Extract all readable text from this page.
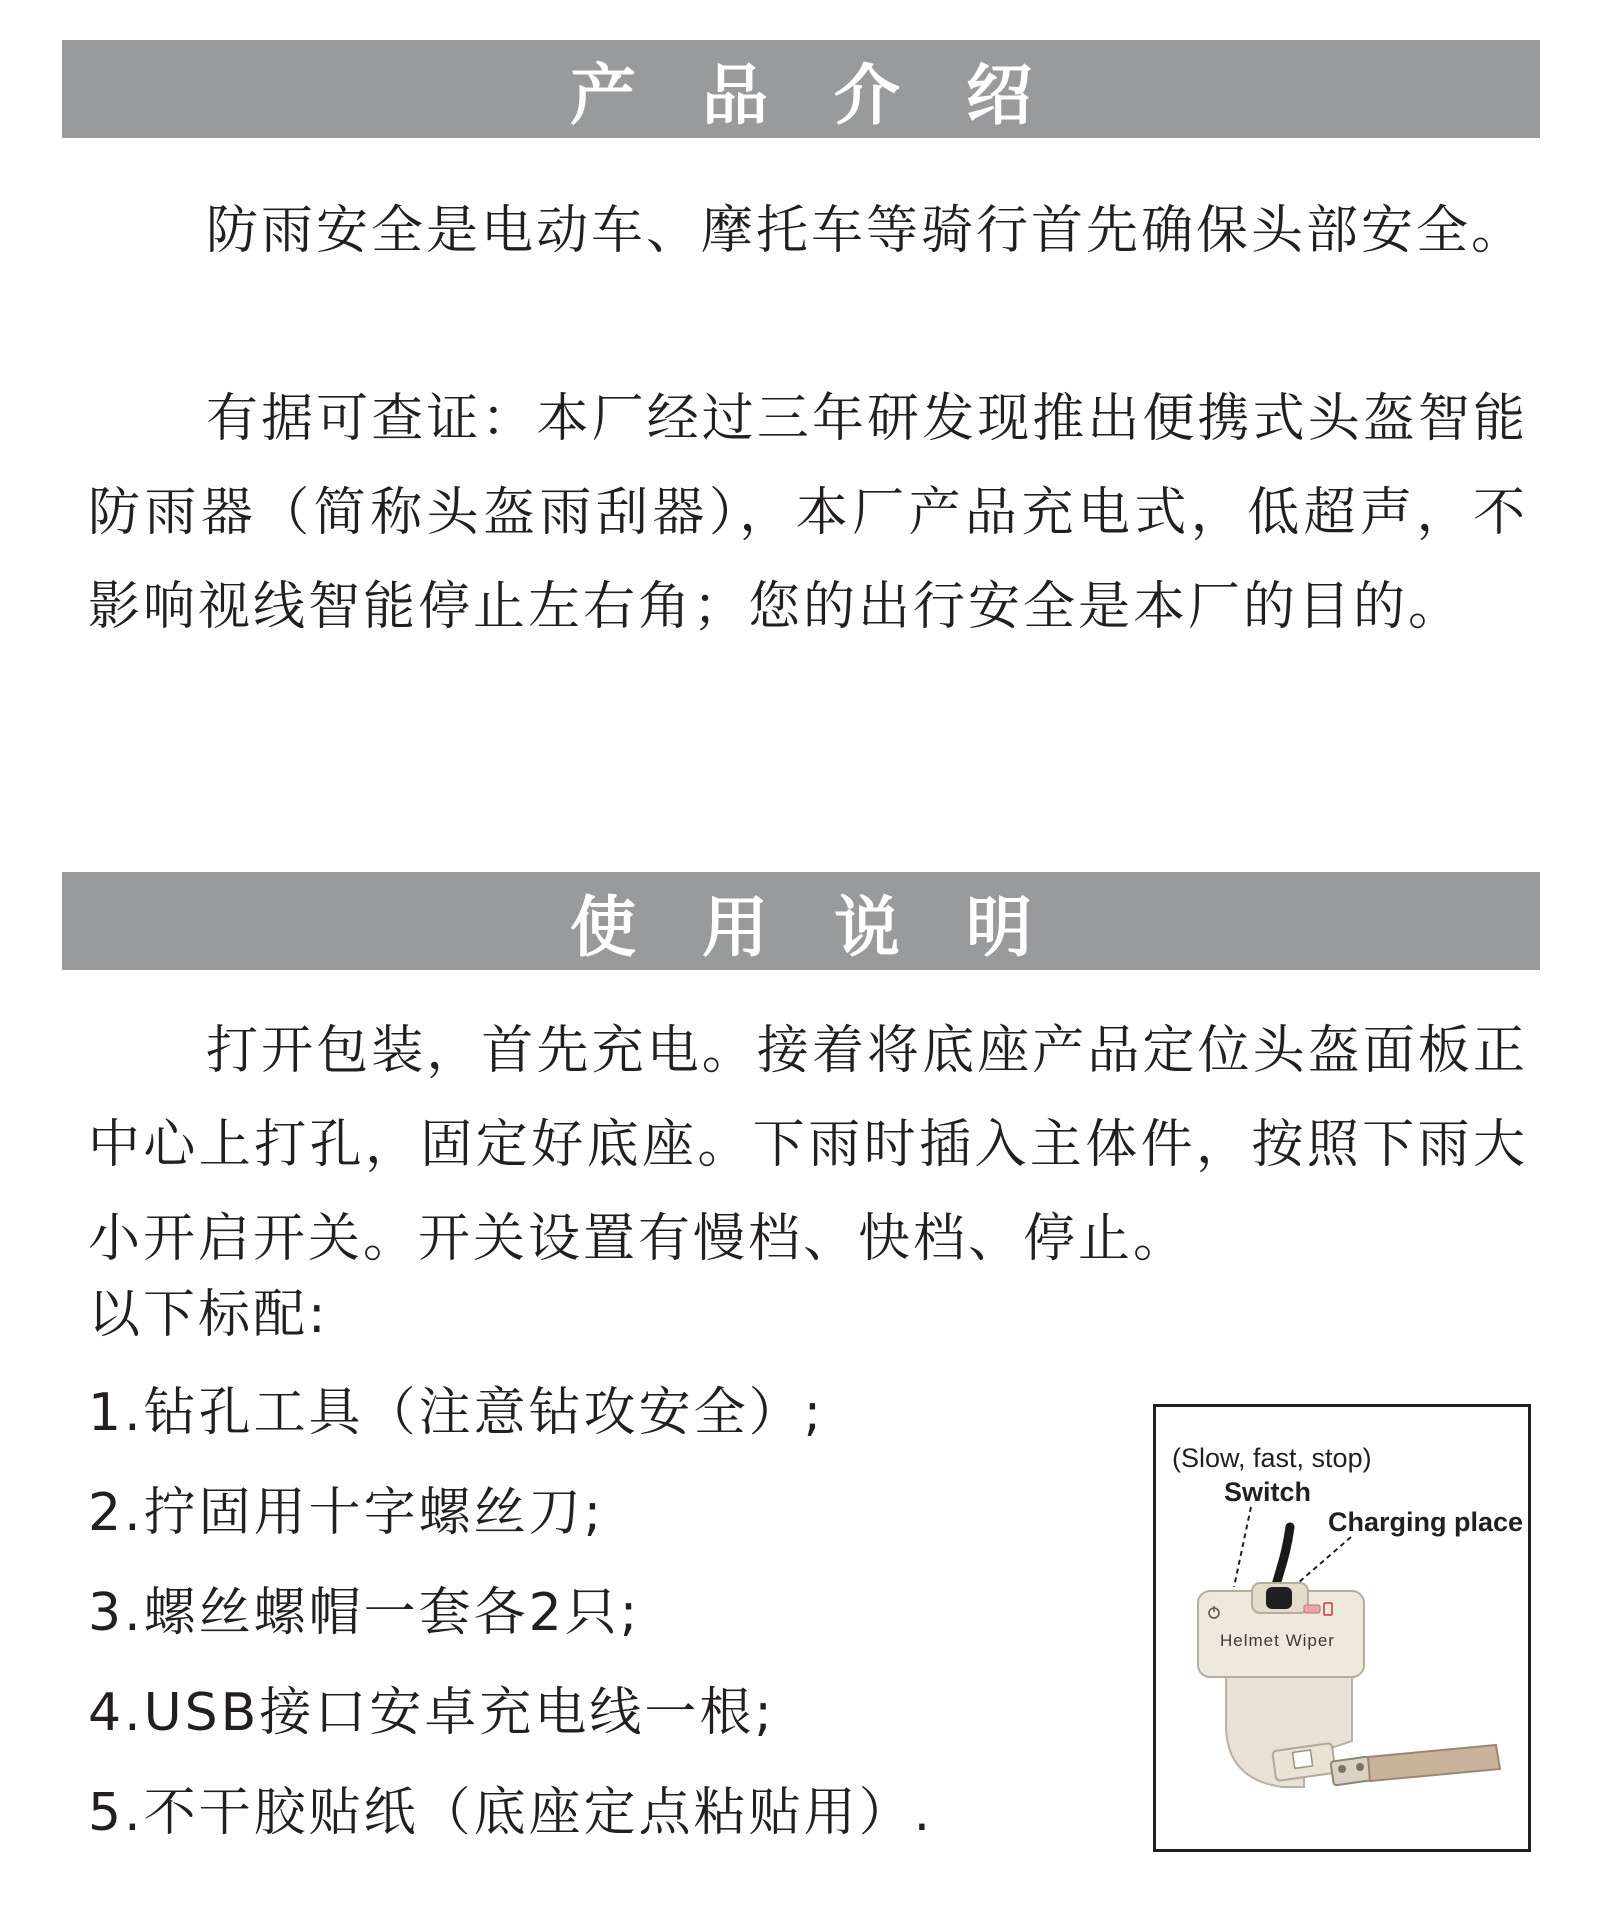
产品介绍

防雨安全是电动车、摩托车等骑行首先确保头部安全。

有据可查证：本厂经过三年研发现推出便携式头盔智能防雨器（简称头盔雨刮器），本厂产品充电式，低超声，不影响视线智能停止左右角；您的出行安全是本厂的目的。

使用说明

打开包装，首先充电。接着将底座产品定位头盔面板正中心上打孔，固定好底座。下雨时插入主体件，按照下雨大小开启开关。开关设置有慢档、快档、停止。

以下标配:

1.钻孔工具（注意钻攻安全）;

2.拧固用十字螺丝刀;

3.螺丝螺帽一套各2只;

4.USB接口安卓充电线一根;

5.不干胶贴纸（底座定点粘贴用）.

(Slow, fast, stop)
Switch
Charging place
Helmet Wiper
